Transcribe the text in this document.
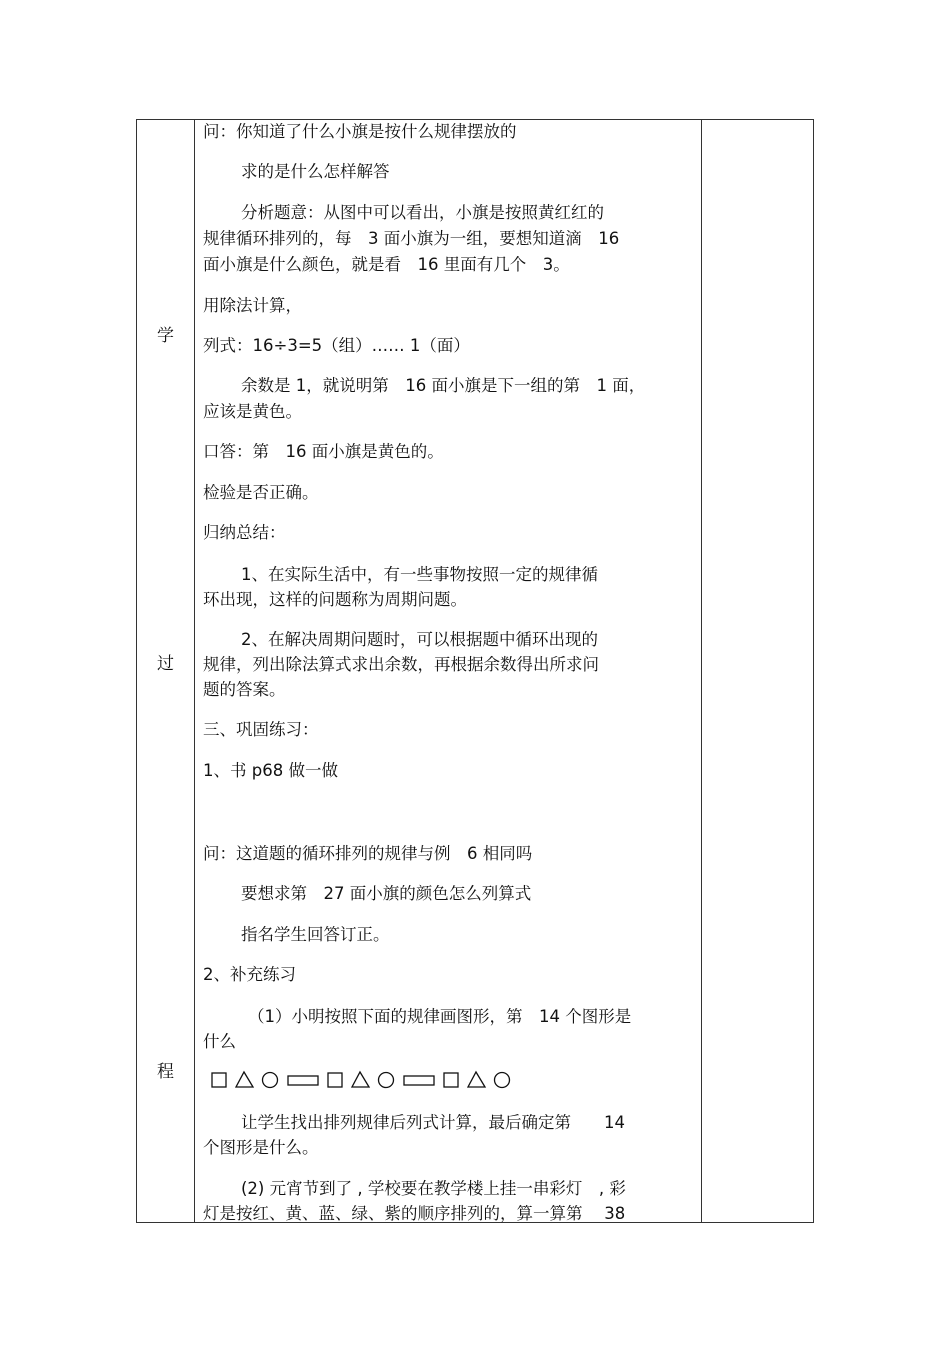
学
过
程
问：你知道了什么小旗是按什么规律摆放的
求的是什么怎样解答
分析题意：从图中可以看出，小旗是按照黄红红的
规律循环排列的，每　3 面小旗为一组，要想知道滴　16
面小旗是什么颜色，就是看　16 里面有几个　3。
用除法计算，
列式：16÷3=5（组）…… 1（面）
余数是 1，就说明第　16 面小旗是下一组的第　1 面，
应该是黄色。
口答：第　16 面小旗是黄色的。
检验是否正确。
归纳总结：
1、在实际生活中，有一些事物按照一定的规律循
环出现，这样的问题称为周期问题。
2、在解决周期问题时，可以根据题中循环出现的
规律，列出除法算式求出余数，再根据余数得出所求问
题的答案。
三、巩固练习：
1、书 p68 做一做
问：这道题的循环排列的规律与例　6 相同吗
要想求第　27 面小旗的颜色怎么列算式
指名学生回答订正。
2、补充练习
（1）小明按照下面的规律画图形，第　14 个图形是
什么
让学生找出排列规律后列式计算，最后确定第　　14
个图形是什么。
(2) 元宵节到了 , 学校要在教学楼上挂一串彩灯　, 彩
灯是按红、黄、蓝、绿、紫的顺序排列的，算一算第　 38
